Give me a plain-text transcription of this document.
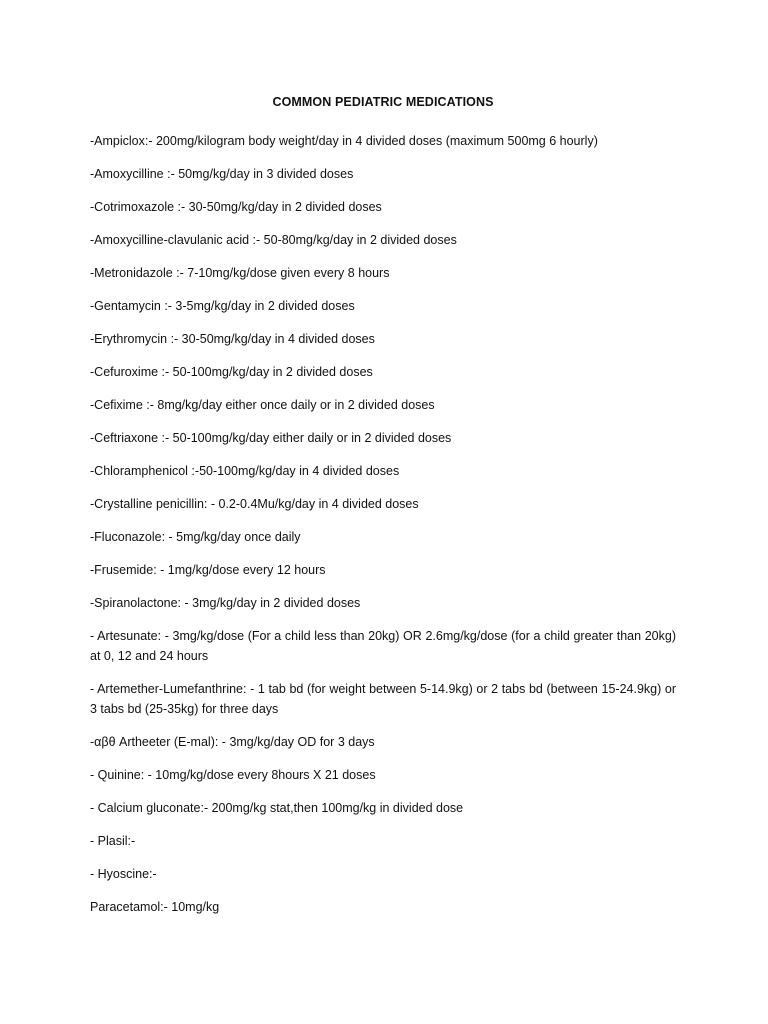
COMMON PEDIATRIC MEDICATIONS
-Ampiclox:- 200mg/kilogram body weight/day in 4 divided doses (maximum 500mg 6 hourly)
-Amoxycilline :- 50mg/kg/day in 3 divided doses
-Cotrimoxazole :- 30-50mg/kg/day in 2 divided doses
-Amoxycilline-clavulanic acid :- 50-80mg/kg/day in 2 divided doses
-Metronidazole :- 7-10mg/kg/dose given every 8 hours
-Gentamycin :- 3-5mg/kg/day in 2 divided doses
-Erythromycin :- 30-50mg/kg/day in 4 divided doses
-Cefuroxime :- 50-100mg/kg/day in 2 divided doses
-Cefixime :- 8mg/kg/day either once daily or in 2 divided doses
-Ceftriaxone :- 50-100mg/kg/day either daily or in 2 divided doses
-Chloramphenicol :-50-100mg/kg/day in 4 divided doses
-Crystalline penicillin: - 0.2-0.4Mu/kg/day in 4 divided doses
-Fluconazole: - 5mg/kg/day once daily
-Frusemide: - 1mg/kg/dose every 12 hours
-Spiranolactone: - 3mg/kg/day in 2 divided doses
- Artesunate: - 3mg/kg/dose (For a child less than 20kg) OR 2.6mg/kg/dose (for a child greater than 20kg) at 0, 12 and 24 hours
- Artemether-Lumefanthrine: - 1 tab bd (for weight between 5-14.9kg) or 2 tabs bd (between 15-24.9kg) or 3 tabs bd (25-35kg) for three days
-αβθ Artheeter (E-mal): - 3mg/kg/day OD for 3 days
- Quinine: - 10mg/kg/dose every 8hours X 21 doses
- Calcium gluconate:- 200mg/kg stat,then 100mg/kg in divided dose
- Plasil:-
- Hyoscine:-
Paracetamol:- 10mg/kg
